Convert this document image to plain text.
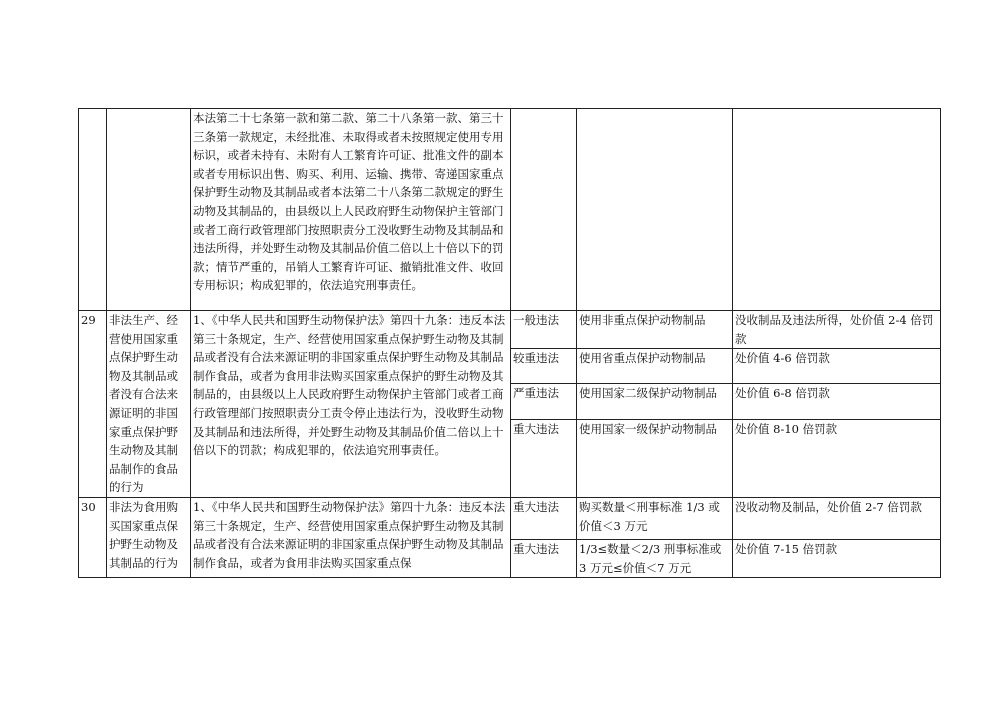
		本法第二十七条第一款和第二款、第二十八条第一款、第三十三条第一款规定，未经批准、未取得或者未按照规定使用专用标识，或者未持有、未附有人工繁育许可证、批准文件的副本或者专用标识出售、购买、利用、运输、携带、寄递国家重点保护野生动物及其制品或者本法第二十八条第二款规定的野生动物及其制品的，由县级以上人民政府野生动物保护主管部门或者工商行政管理部门按照职责分工没收野生动物及其制品和违法所得，并处野生动物及其制品价值二倍以上十倍以下的罚款；情节严重的，吊销人工繁育许可证、撤销批准文件、收回专用标识；构成犯罪的，依法追究刑事责任。			

29	非法生产、经营使用国家重点保护野生动物及其制品或者没有合法来源证明的非国家重点保护野生动物及其制品制作的食品的行为	1、《中华人民共和国野生动物保护法》第四十九条：违反本法第三十条规定，生产、经营使用国家重点保护野生动物及其制品或者没有合法来源证明的非国家重点保护野生动物及其制品制作食品，或者为食用非法购买国家重点保护的野生动物及其制品的，由县级以上人民政府野生动物保护主管部门或者工商行政管理部门按照职责分工责令停止违法行为，没收野生动物及其制品和违法所得，并处野生动物及其制品价值二倍以上十倍以下的罚款；构成犯罪的，依法追究刑事责任。	一般违法	使用非重点保护动物制品	没收制品及违法所得，处价值 2-4 倍罚款
			较重违法	使用省重点保护动物制品	处价值 4-6 倍罚款
			严重违法	使用国家二级保护动物制品	处价值 6-8 倍罚款
			重大违法	使用国家一级保护动物制品	处价值 8-10 倍罚款
30	非法为食用购买国家重点保护野生动物及其制品的行为	1、《中华人民共和国野生动物保护法》第四十九条：违反本法第三十条规定，生产、经营使用国家重点保护野生动物及其制品或者没有合法来源证明的非国家重点保护野生动物及其制品制作食品，或者为食用非法购买国家重点保	重大违法	购买数量＜刑事标准 1/3 或价值＜3 万元	没收动物及制品，处价值 2-7 倍罚款
			重大违法	1/3≤数量＜2/3 刑事标准或 3 万元≤价值＜7 万元	处价值 7-15 倍罚款
